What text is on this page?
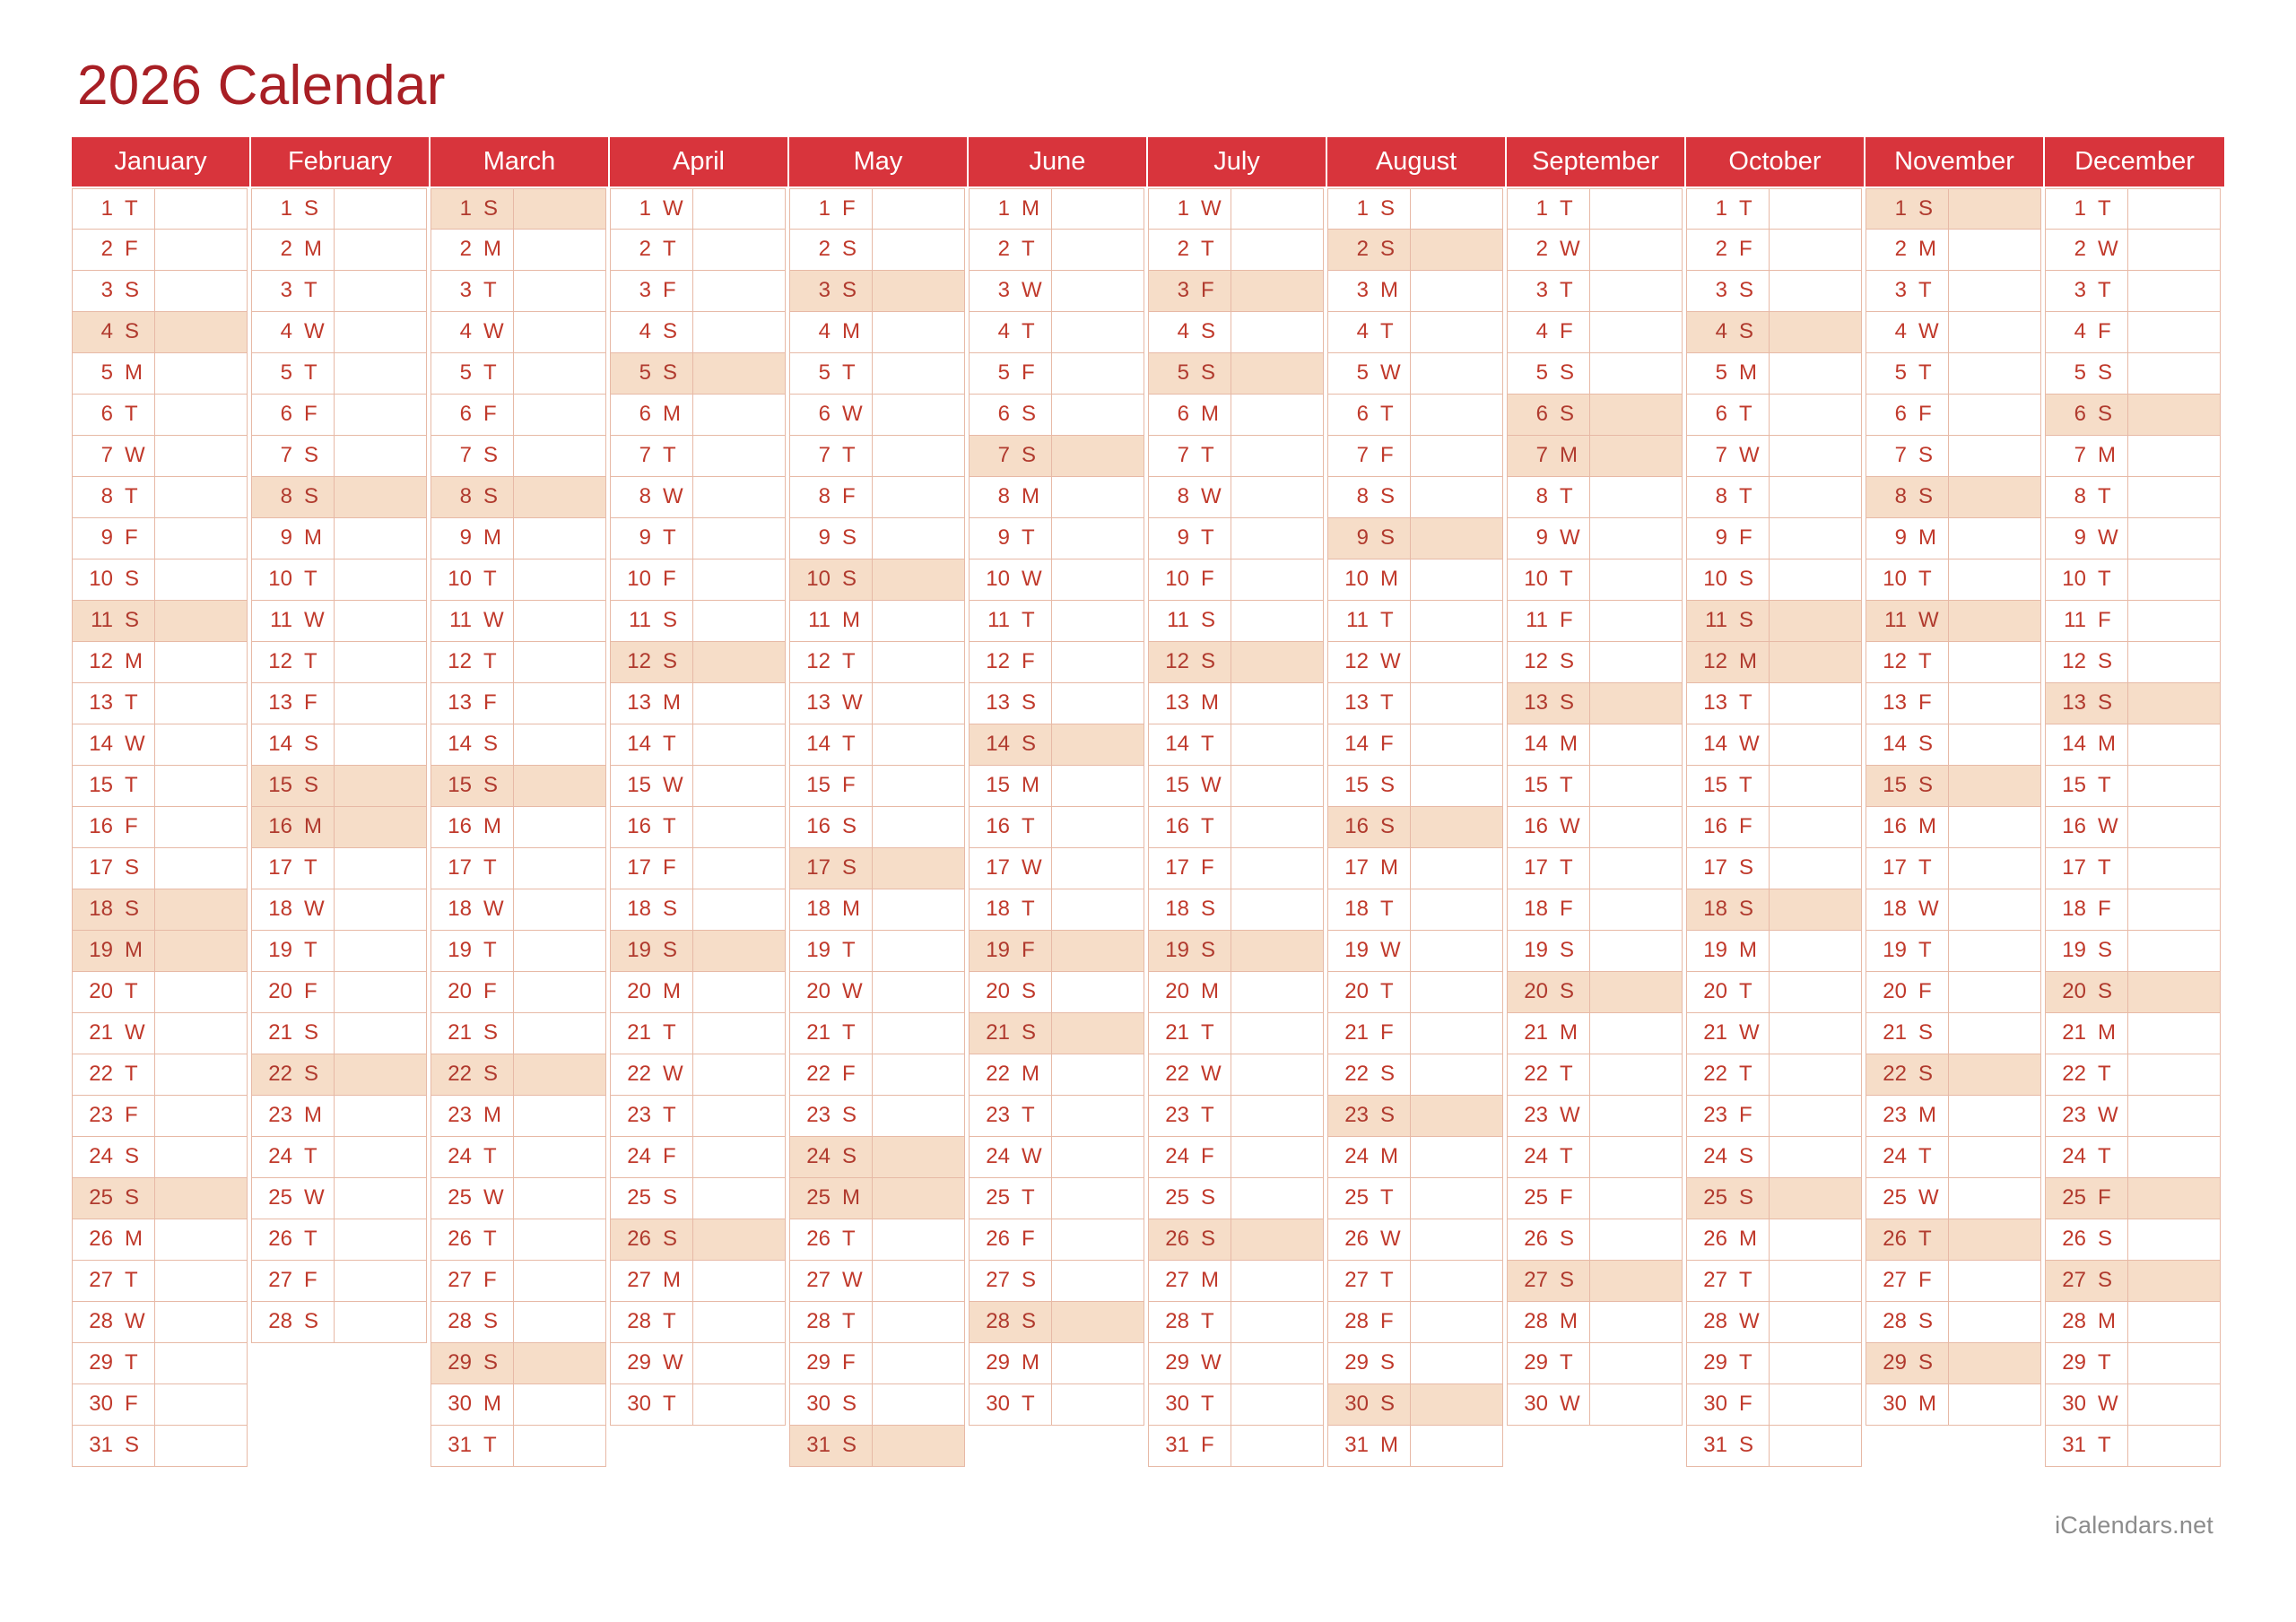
2026 Calendar
January
1 T
2 F
3 S
4 S
5 M
6 T
7 W
8 T
9 F
10 S
11 S
12 M
13 T
14 W
15 T
16 F
17 S
18 S
19 M
20 T
21 W
22 T
23 F
24 S
25 S
26 M
27 T
28 W
29 T
30 F
31 S
February
1 S
2 M
3 T
4 W
5 T
6 F
7 S
8 S
9 M
10 T
11 W
12 T
13 F
14 S
15 S
16 M
17 T
18 W
19 T
20 F
21 S
22 S
23 M
24 T
25 W
26 T
27 F
28 S
March
1 S
2 M
3 T
4 W
5 T
6 F
7 S
8 S
9 M
10 T
11 W
12 T
13 F
14 S
15 S
16 M
17 T
18 W
19 T
20 F
21 S
22 S
23 M
24 T
25 W
26 T
27 F
28 S
29 S
30 M
31 T
April
1 W
2 T
3 F
4 S
5 S
6 M
7 T
8 W
9 T
10 F
11 S
12 S
13 M
14 T
15 W
16 T
17 F
18 S
19 S
20 M
21 T
22 W
23 T
24 F
25 S
26 S
27 M
28 T
29 W
30 T
May
1 F
2 S
3 S
4 M
5 T
6 W
7 T
8 F
9 S
10 S
11 M
12 T
13 W
14 T
15 F
16 S
17 S
18 M
19 T
20 W
21 T
22 F
23 S
24 S
25 M
26 T
27 W
28 T
29 F
30 S
31 S
June
1 M
2 T
3 W
4 T
5 F
6 S
7 S
8 M
9 T
10 W
11 T
12 F
13 S
14 S
15 M
16 T
17 W
18 T
19 F
20 S
21 S
22 M
23 T
24 W
25 T
26 F
27 S
28 S
29 M
30 T
July
1 W
2 T
3 F
4 S
5 S
6 M
7 T
8 W
9 T
10 F
11 S
12 S
13 M
14 T
15 W
16 T
17 F
18 S
19 S
20 M
21 T
22 W
23 T
24 F
25 S
26 S
27 M
28 T
29 W
30 T
31 F
August
1 S
2 S
3 M
4 T
5 W
6 T
7 F
8 S
9 S
10 M
11 T
12 W
13 T
14 F
15 S
16 S
17 M
18 T
19 W
20 T
21 F
22 S
23 S
24 M
25 T
26 W
27 T
28 F
29 S
30 S
31 M
September
1 T
2 W
3 T
4 F
5 S
6 S
7 M
8 T
9 W
10 T
11 F
12 S
13 S
14 M
15 T
16 W
17 T
18 F
19 S
20 S
21 M
22 T
23 W
24 T
25 F
26 S
27 S
28 M
29 T
30 W
October
1 T
2 F
3 S
4 S
5 M
6 T
7 W
8 T
9 F
10 S
11 S
12 M
13 T
14 W
15 T
16 F
17 S
18 S
19 M
20 T
21 W
22 T
23 F
24 S
25 S
26 M
27 T
28 W
29 T
30 F
31 S
November
1 S
2 M
3 T
4 W
5 T
6 F
7 S
8 S
9 M
10 T
11 W
12 T
13 F
14 S
15 S
16 M
17 T
18 W
19 T
20 F
21 S
22 S
23 M
24 T
25 W
26 T
27 F
28 S
29 S
30 M
December
1 T
2 W
3 T
4 F
5 S
6 S
7 M
8 T
9 W
10 T
11 F
12 S
13 S
14 M
15 T
16 W
17 T
18 F
19 S
20 S
21 M
22 T
23 W
24 T
25 F
26 S
27 S
28 M
29 T
30 W
31 T
iCalendars.net
